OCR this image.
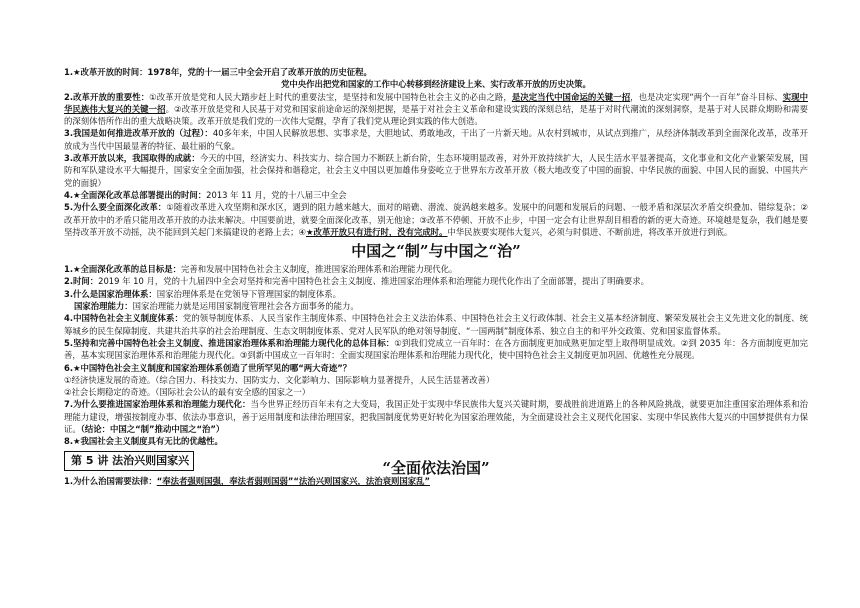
1.★改革开放的时间：1978年，党的十一届三中全会开启了改革开放的历史征程。

党中央作出把党和国家的工作中心转移到经济建设上来、实行改革开放的历史决策。

2.改革开放的重要性：①改革开放是党和人民大踏步赶上时代的重要法宝，是坚持和发展中国特色社会主义的必由之路，是决定当代中国命运的关键一招，也是决定实现“两个一百年”奋斗目标、实现中华民族伟大复兴的关键一招。②改革开放是党和人民基于对党和国家前途命运的深刻把握，是基于对社会主义革命和建设实践的深刻总结，是基于对时代潮流的深刻洞察，是基于对人民群众期盼和需要的深刻体悟所作出的重大战略决策。改革开放是我们党的一次伟大觉醒，孕育了我们党从理论到实践的伟大创造。

3.我国是如何推进改革开放的（过程）：40多年来，中国人民解放思想、实事求是，大胆地试、勇敢地改，干出了一片新天地。从农村到城市，从试点到推广，从经济体制改革到全面深化改革，改革开放成为当代中国最显著的特征、最壮丽的气象。

3.改革开放以来，我国取得的成就：今天的中国，经济实力、科技实力、综合国力不断跃上新台阶，生态环境明显改善，对外开放持续扩大，人民生活水平显著提高，文化事业和文化产业繁荣发展，国防和军队建设水平大幅提升，国家安全全面加强，社会保持和谐稳定，社会主义中国以更加雄伟身姿屹立于世界东方改革开放（极大地改变了中国的面貌、中华民族的面貌、中国人民的面貌、中国共产党的面貌）

4.★全面深化改革总部署提出的时间：2013 年 11 月，党的十八届三中全会

5.为什么要全面深化改革：①随着改革进入攻坚期和深水区，遇到的阻力越来越大，面对的暗礁、潜流、旋涡越来越多。发展中的问题和发展后的问题、一般矛盾和深层次矛盾交织叠加、错综复杂；②改革开放中的矛盾只能用改革开放的办法来解决。中国要前进，就要全面深化改革，别无他途；③改革不停顿、开放不止步，中国一定会有让世界刮目相看的新的更大奇迹。环境越是复杂，我们越是要坚持改革开放不动摇，决不能回到关起门来搞建设的老路上去；④★改革开放只有进行时，没有完成时。中华民族要实现伟大复兴，必须与时俱进、不断前进，将改革开放进行到底。

中国之“制”与中国之“治”

1.★全面深化改革的总目标是：完善和发展中国特色社会主义制度，推进国家治理体系和治理能力现代化。

2.时间：2019 年 10 月，党的十九届四中全会对坚持和完善中国特色社会主义制度、推进国家治理体系和治理能力现代化作出了全面部署，提出了明确要求。

3.什么是国家治理体系：国家治理体系是在党领导下管理国家的制度体系。

国家治理能力：国家治理能力就是运用国家制度管理社会各方面事务的能力。

4.中国特色社会主义制度体系：党的领导制度体系、人民当家作主制度体系、中国特色社会主义法治体系、中国特色社会主义行政体制、社会主义基本经济制度、繁荣发展社会主义先进文化的制度、统筹城乡的民生保障制度、共建共治共享的社会治理制度、生态文明制度体系、党对人民军队的绝对领导制度、“一国两制”制度体系、独立自主的和平外交政策、党和国家监督体系。

5.坚持和完善中国特色社会主义制度、推进国家治理体系和治理能力现代化的总体目标：①到我们党成立一百年时：在各方面制度更加成熟更加定型上取得明显成效。②到 2035 年：各方面制度更加完善，基本实现国家治理体系和治理能力现代化。③到新中国成立一百年时：全面实现国家治理体系和治理能力现代化，使中国特色社会主义制度更加巩固、优越性充分展现。

6.★中国特色社会主义制度和国家治理体系创造了世所罕见的哪“两大奇迹”？

①经济快速发展的奇迹。（综合国力、科技实力、国防实力、文化影响力、国际影响力显著提升，人民生活显著改善）

②社会长期稳定的奇迹。（国际社会公认的最有安全感的国家之一）

7.为什么要推进国家治理体系和治理能力现代化：当今世界正经历百年未有之大变局，我国正处于实现中华民族伟大复兴关键时期，要战胜前进道路上的各种风险挑战，就要更加注重国家治理体系和治理能力建设，增强按制度办事、依法办事意识，善于运用制度和法律治理国家，把我国制度优势更好转化为国家治理效能，为全面建设社会主义现代化国家、实现中华民族伟大复兴的中国梦提供有力保证。（结论：中国之“制”推动中国之“治”）

8.★我国社会主义制度具有无比的优越性。

“全面依法治国”
第 5 讲 法治兴则国家兴

1.为什么治国需要法律：“奉法者强则国强，奉法者弱则国弱”“法治兴则国家兴，法治衰则国家乱”
